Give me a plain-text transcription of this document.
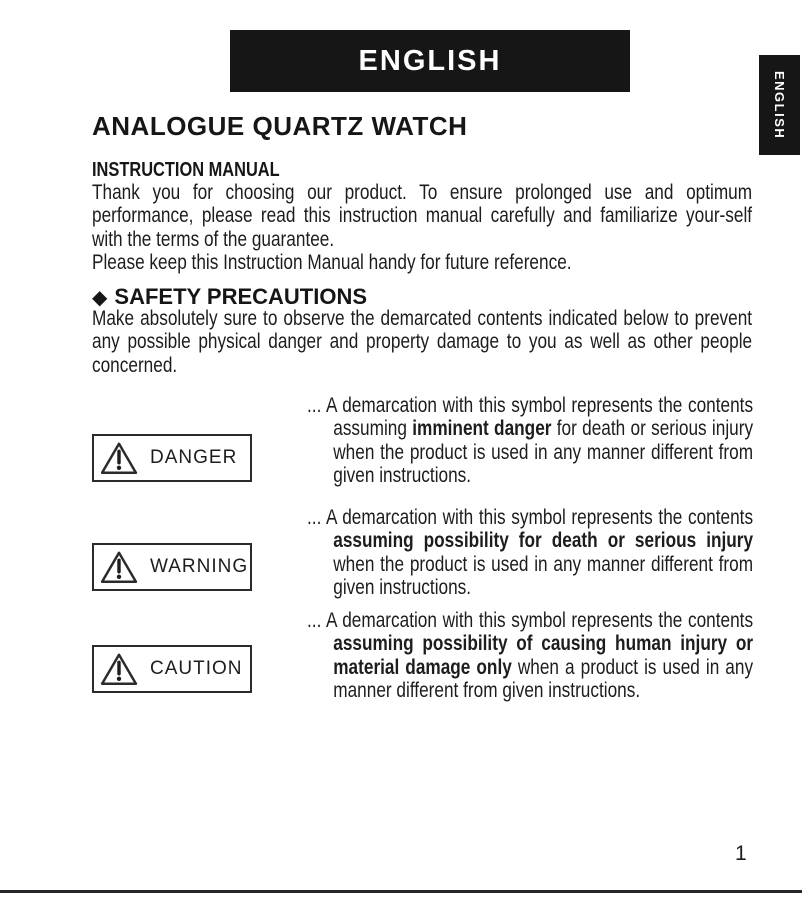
ENGLISH
ENGLISH
ANALOGUE QUARTZ WATCH
INSTRUCTION MANUAL

Thank you for choosing our product. To ensure prolonged use and optimum performance, please read this instruction manual carefully and familiarize your-self with the terms of the guarantee.

Please keep this Instruction Manual handy for future reference.

◆ SAFETY PRECAUTIONS

Make absolutely sure to observe the demarcated contents indicated below to prevent any possible physical danger and property damage to you as well as other people concerned.

DANGER

... A demarcation with this symbol represents the contents assuming imminent danger for death or serious injury when the product is used in any manner different from given instructions.

WARNING

... A demarcation with this symbol represents the contents assuming possibility for death or serious injury when the product is used in any manner different from given instructions.

CAUTION

... A demarcation with this symbol represents the contents assuming possibility of causing human injury or material damage only when a product is used in any manner different from given instructions.

1
